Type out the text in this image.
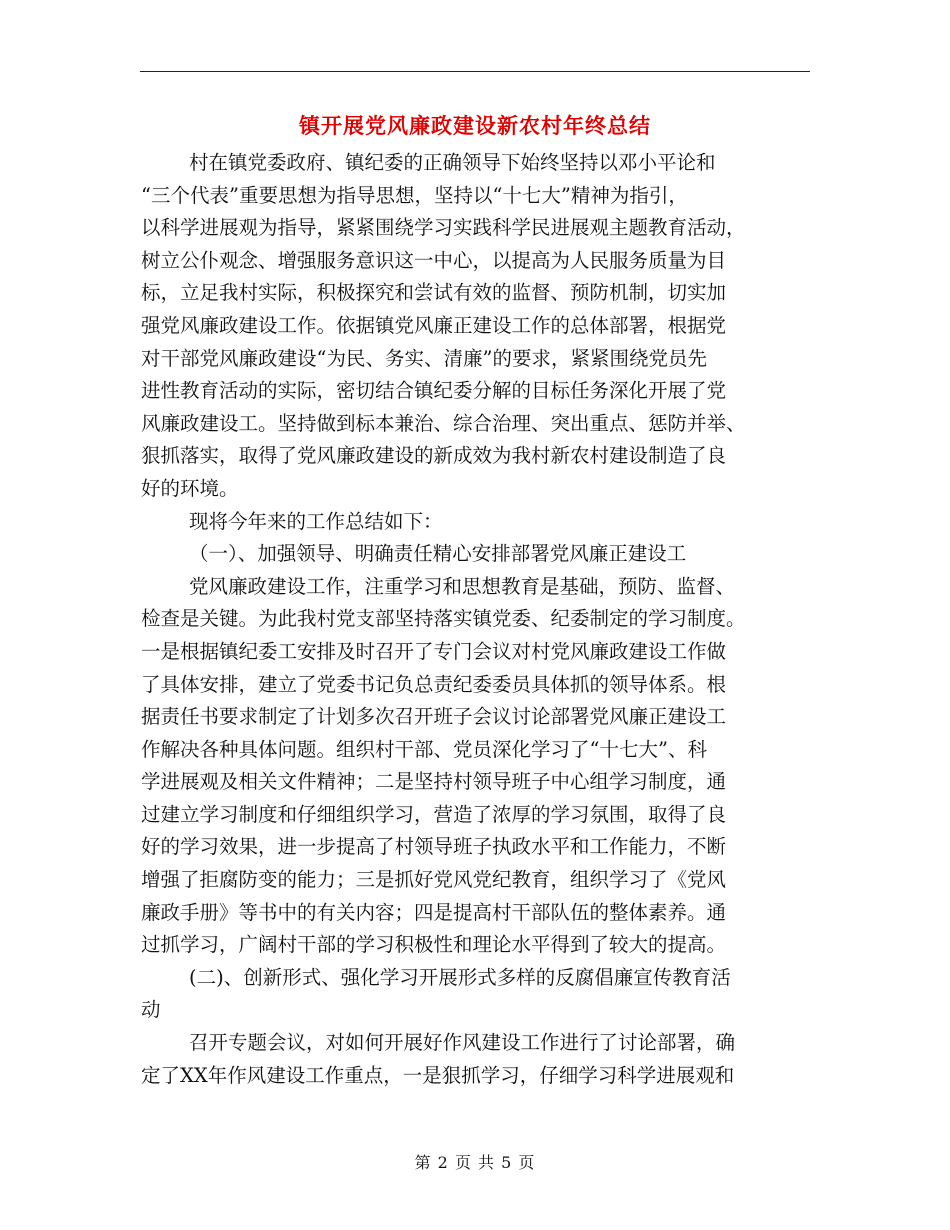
镇开展党风廉政建设新农村年终总结
村在镇党委政府、镇纪委的正确领导下始终坚持以邓小平论和
“三个代表”重要思想为指导思想，坚持以“十七大”精神为指引，
以科学进展观为指导，紧紧围绕学习实践科学民进展观主题教育活动，
树立公仆观念、增强服务意识这一中心，以提高为人民服务质量为目
标，立足我村实际，积极探究和尝试有效的监督、预防机制，切实加
强党风廉政建设工作。依据镇党风廉正建设工作的总体部署，根据党
对干部党风廉政建设“为民、务实、清廉”的要求，紧紧围绕党员先
进性教育活动的实际，密切结合镇纪委分解的目标任务深化开展了党
风廉政建设工。坚持做到标本兼治、综合治理、突出重点、惩防并举、
狠抓落实，取得了党风廉政建设的新成效为我村新农村建设制造了良
好的环境。
现将今年来的工作总结如下：
（一）、加强领导、明确责任精心安排部署党风廉正建设工
党风廉政建设工作，注重学习和思想教育是基础，预防、监督、
检查是关键。为此我村党支部坚持落实镇党委、纪委制定的学习制度。
一是根据镇纪委工安排及时召开了专门会议对村党风廉政建设工作做
了具体安排，建立了党委书记负总责纪委委员具体抓的领导体系。根
据责任书要求制定了计划多次召开班子会议讨论部署党风廉正建设工
作解决各种具体问题。组织村干部、党员深化学习了“十七大”、科
学进展观及相关文件精神；二是坚持村领导班子中心组学习制度，通
过建立学习制度和仔细组织学习，营造了浓厚的学习氛围，取得了良
好的学习效果，进一步提高了村领导班子执政水平和工作能力，不断
增强了拒腐防变的能力；三是抓好党风党纪教育，组织学习了《党风
廉政手册》等书中的有关内容；四是提高村干部队伍的整体素养。通
过抓学习，广阔村干部的学习积极性和理论水平得到了较大的提高。
(二)、创新形式、强化学习开展形式多样的反腐倡廉宣传教育活
动
召开专题会议，对如何开展好作风建设工作进行了讨论部署，确
定了XX年作风建设工作重点，一是狠抓学习，仔细学习科学进展观和
第 2 页 共 5 页
